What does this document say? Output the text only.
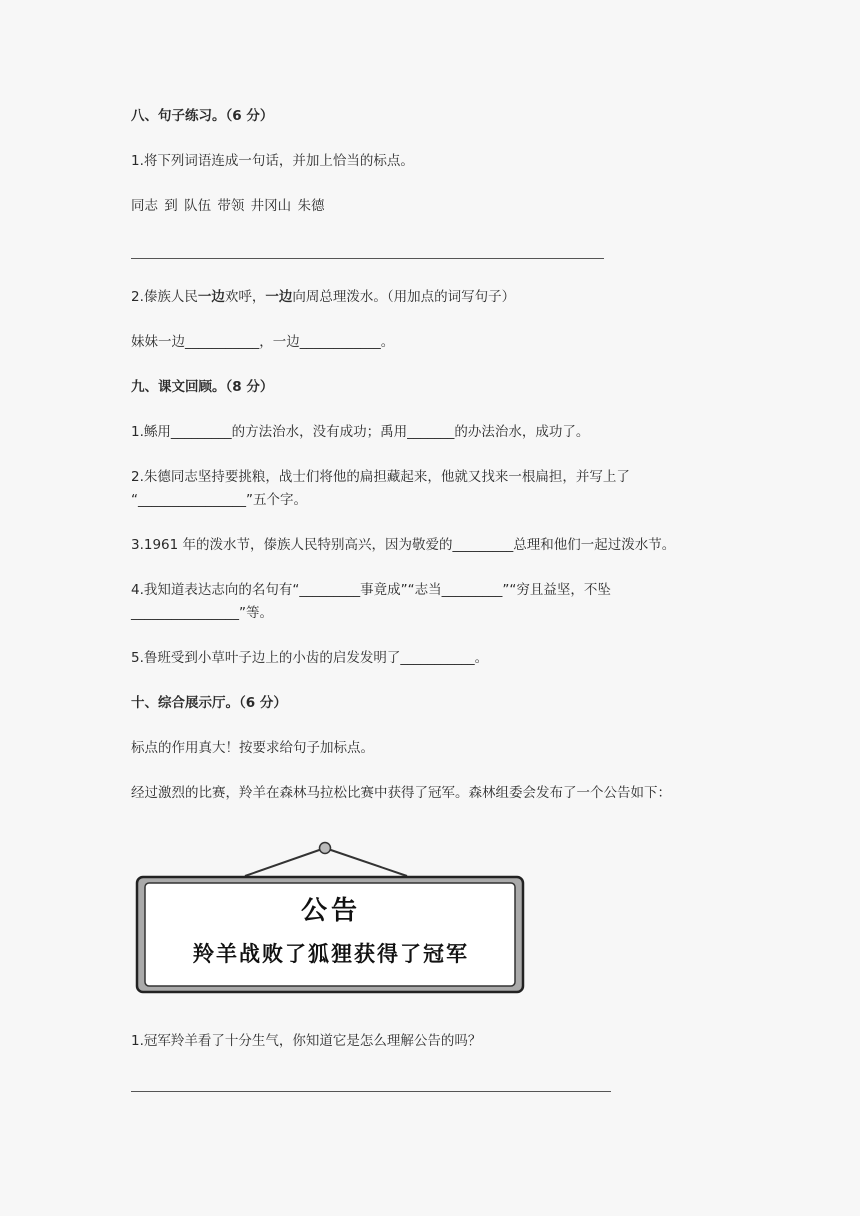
八、句子练习。（6 分）
1.将下列词语连成一句话，并加上恰当的标点。
同志 到 队伍 带领 井冈山 朱德
2.傣族人民一边欢呼，一边向周总理泼水。（用加点的词写句子）
妹妹一边___________，一边____________。
九、课文回顾。（8 分）
1.鲧用_________的方法治水，没有成功；禹用_______的办法治水，成功了。
2.朱德同志坚持要挑粮，战士们将他的扁担藏起来，他就又找来一根扁担，并写上了
“________________”五个字。
3.1961 年的泼水节，傣族人民特别高兴，因为敬爱的_________总理和他们一起过泼水节。
4.我知道表达志向的名句有“_________事竟成”“志当_________”“穷且益坚，不坠
________________”等。
5.鲁班受到小草叶子边上的小齿的启发发明了___________。
十、综合展示厅。（6 分）
标点的作用真大！按要求给句子加标点。
经过激烈的比赛，羚羊在森林马拉松比赛中获得了冠军。森林组委会发布了一个公告如下：
公告
羚羊战败了狐狸获得了冠军
1.冠军羚羊看了十分生气，你知道它是怎么理解公告的吗？
